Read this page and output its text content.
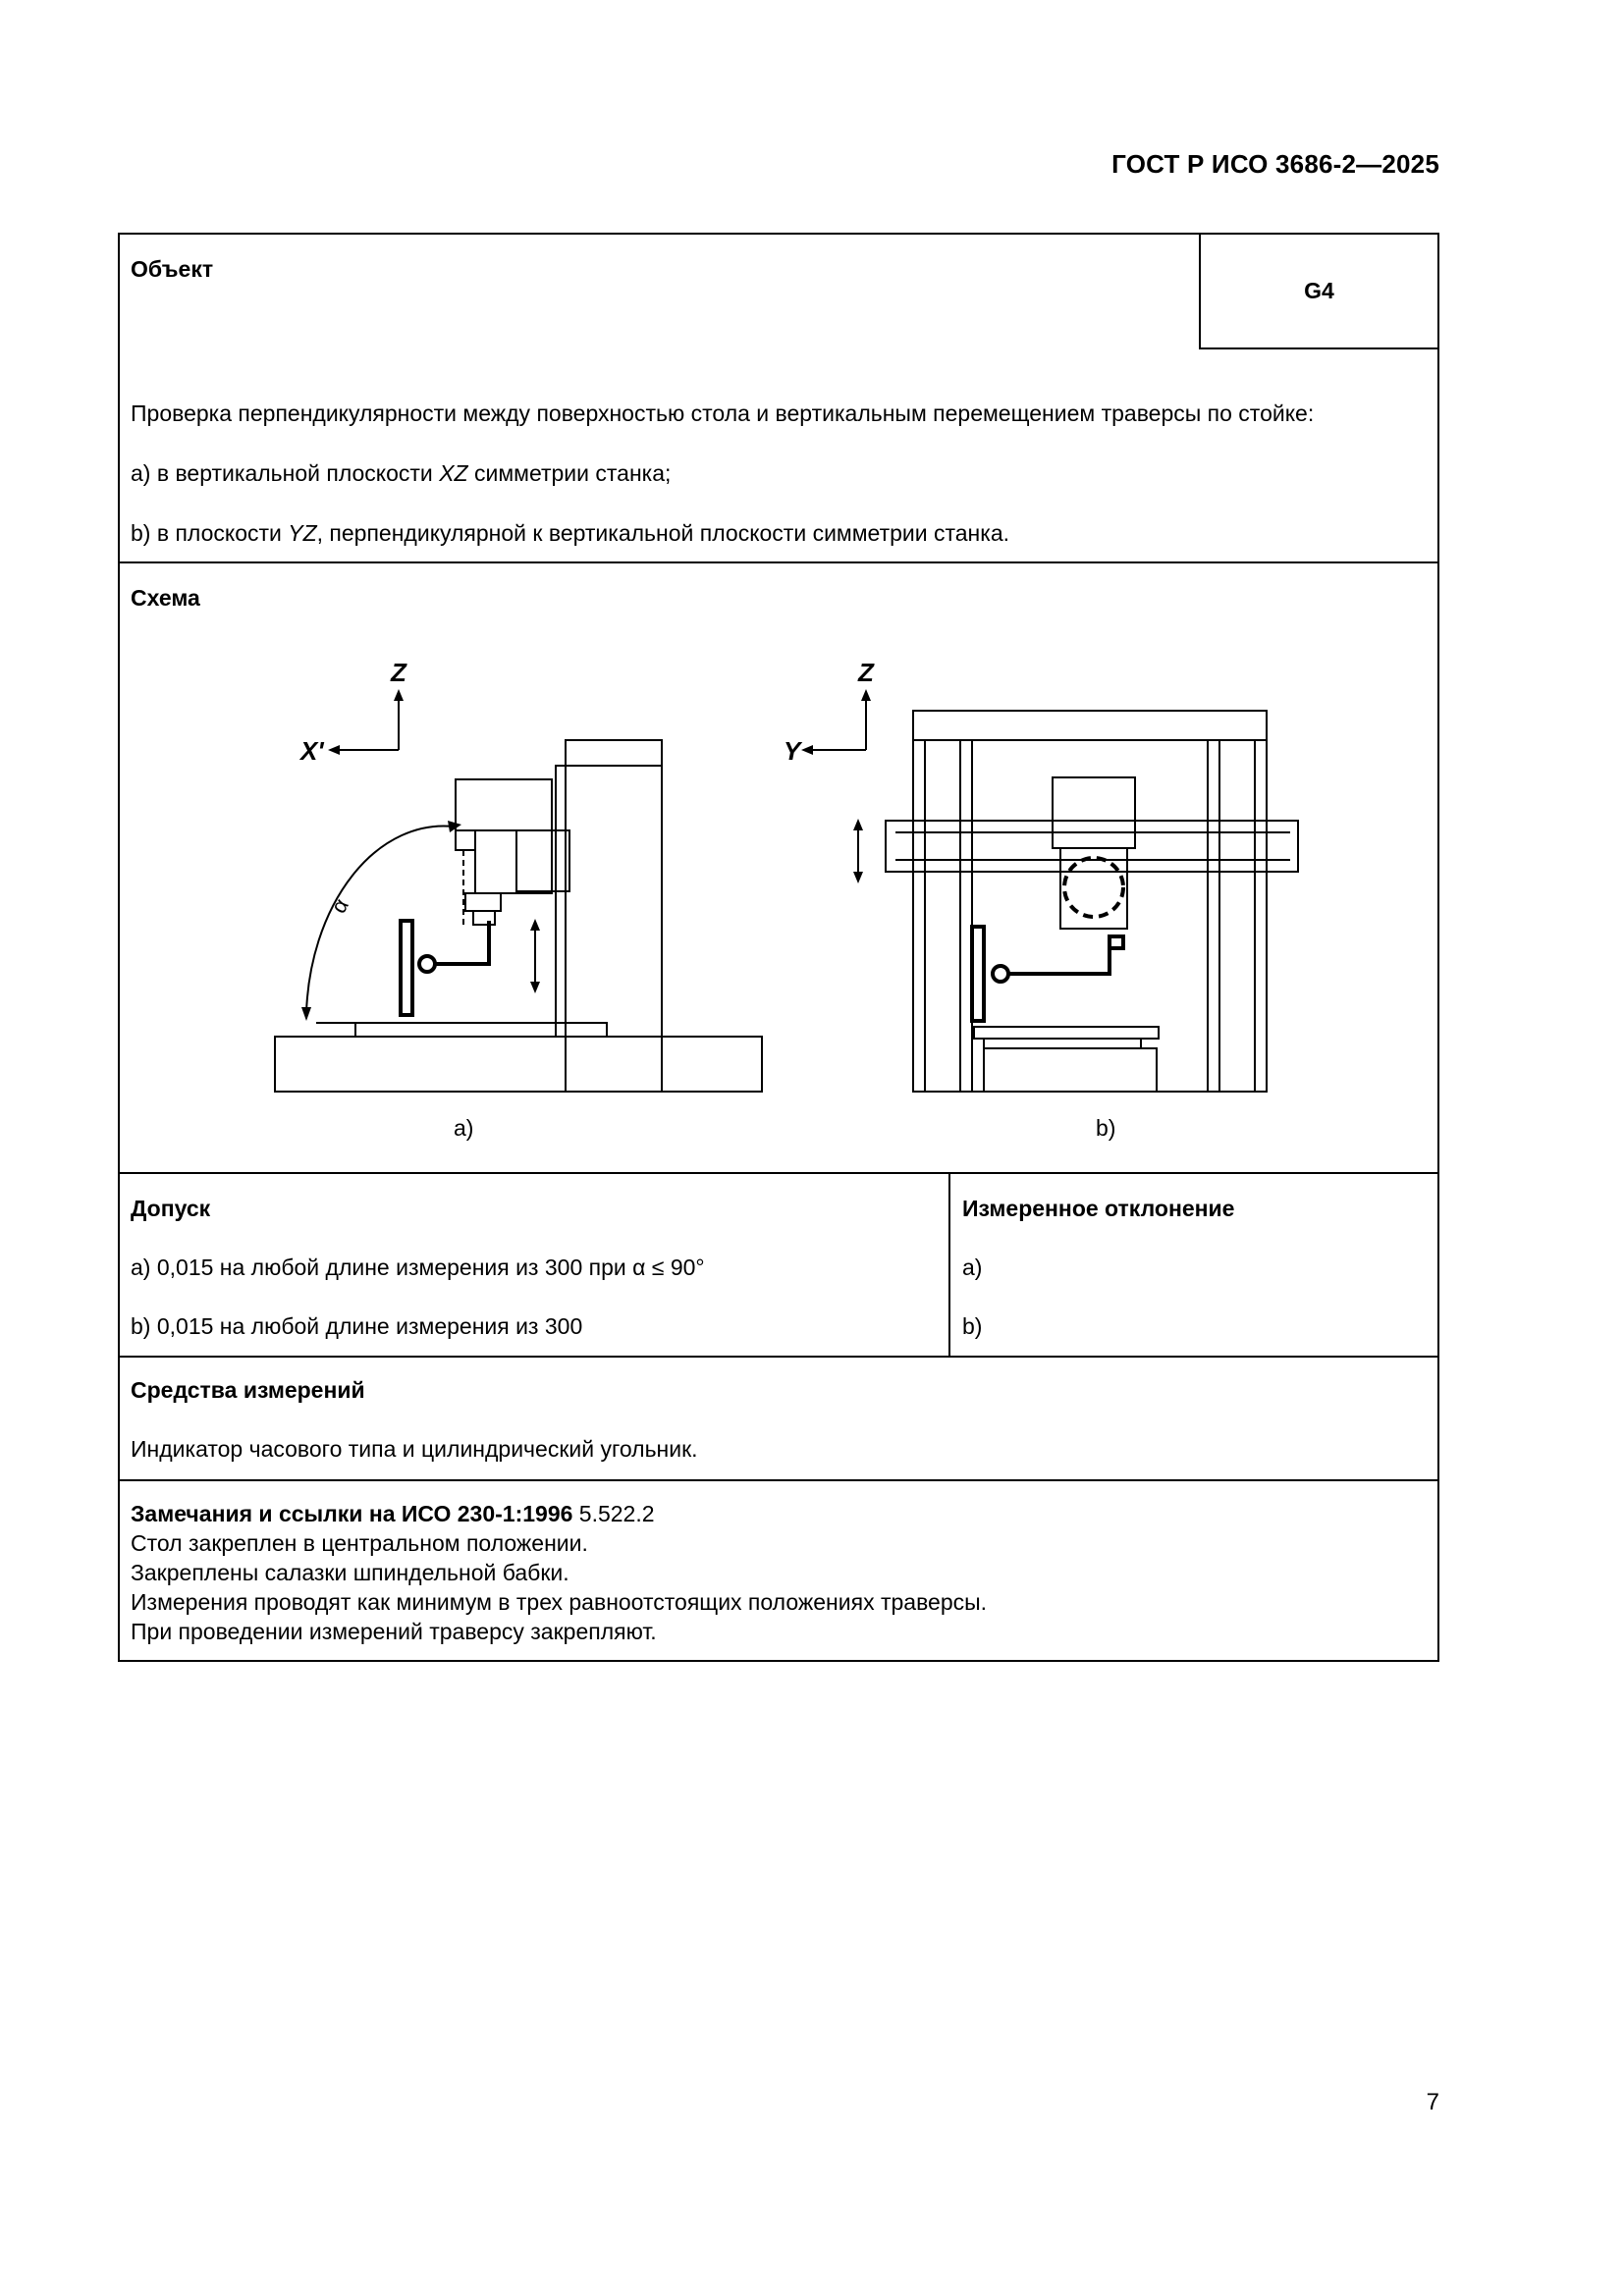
ГОСТ Р ИСО 3686-2—2025
Объект
G4
Проверка перпендикулярности между поверхностью стола и вертикальным перемещением траверсы по стойке:
a) в вертикальной плоскости XZ симметрии станка;
b) в плоскости YZ, перпендикулярной к вертикальной плоскости симметрии станка.
Схема
Z
X'
α
a)
Z
Y
b)
Допуск
a) 0,015 на любой длине измерения из 300 при α ≤ 90°
b) 0,015 на любой длине измерения из 300
Измеренное отклонение
a)
b)
Средства измерений
Индикатор часового типа и цилиндрический угольник.
Замечания и ссылки на ИСО 230-1:1996 5.522.2
Стол закреплен в центральном положении.
Закреплены салазки шпиндельной бабки.
Измерения проводят как минимум в трех равноотстоящих положениях траверсы.
При проведении измерений траверсу закрепляют.
7
